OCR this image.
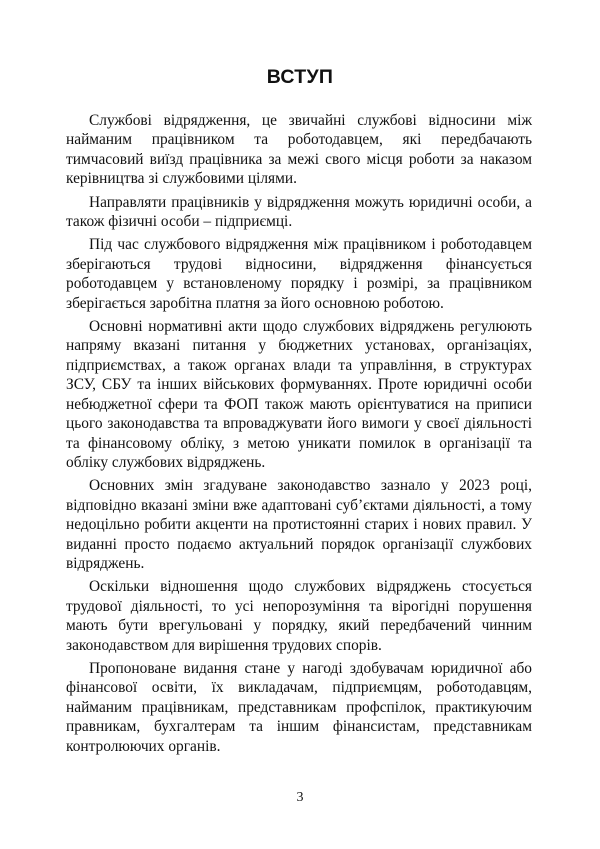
ВСТУП

Службові відрядження, це звичайні службові відносини між найманим працівником та роботодавцем, які передбачають тимчасовий виїзд працівника за межі свого місця роботи за наказом керівництва зі службовими цілями.

Направляти працівників у відрядження можуть юридичні особи, а також фізичні особи – підприємці.

Під час службового відрядження між працівником і роботодавцем зберігаються трудові відносини, відрядження фінансується роботодавцем у встановленому порядку і розмірі, за працівником зберігається заробітна платня за його основною роботою.

Основні нормативні акти щодо службових відряджень регулюють напряму вказані питання у бюджетних установах, організаціях, підприємствах, а також органах влади та управління, в структурах ЗСУ, СБУ та інших військових формуваннях. Проте юридичні особи небюджетної сфери та ФОП також мають орієнтуватися на приписи цього законодавства та впроваджувати його вимоги у своєї діяльності та фінансовому обліку, з метою уникати помилок в організації та обліку службових відряджень.

Основних змін згадуване законодавство зазнало у 2023 році, відповідно вказані зміни вже адаптовані суб’єктами діяльності, а тому недоцільно робити акценти на протистоянні старих і нових правил. У виданні просто подаємо актуальний порядок організації службових відряджень.

Оскільки відношення щодо службових відряджень стосується трудової діяльності, то усі непорозуміння та вірогідні порушення мають бути врегульовані у порядку, який передбачений чинним законодавством для вирішення трудових спорів.

Пропоноване видання стане у нагоді здобувачам юридичної або фінансової освіти, їх викладачам, підприємцям, роботодавцям, найманим працівникам, представникам профспілок, практикуючим правникам, бухгалтерам та іншим фінансистам, представникам контролюючих органів.

3
